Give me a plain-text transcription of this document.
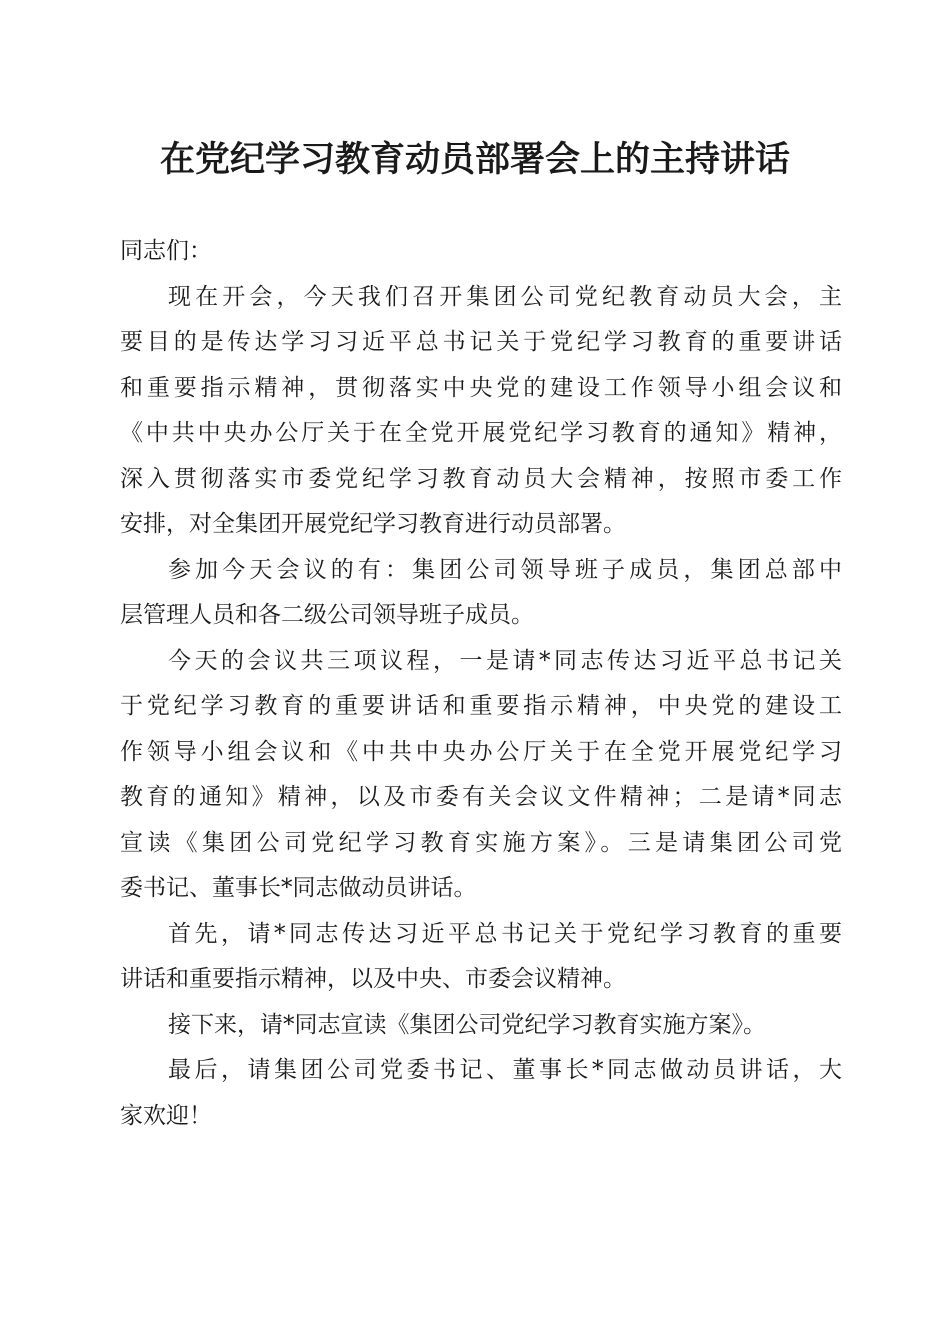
在党纪学习教育动员部署会上的主持讲话
同志们：
现在开会，今天我们召开集团公司党纪教育动员大会，主
要目的是传达学习习近平总书记关于党纪学习教育的重要讲话
和重要指示精神，贯彻落实中央党的建设工作领导小组会议和
《中共中央办公厅关于在全党开展党纪学习教育的通知》精神，
深入贯彻落实市委党纪学习教育动员大会精神，按照市委工作
安排，对全集团开展党纪学习教育进行动员部署。
参加今天会议的有：集团公司领导班子成员，集团总部中
层管理人员和各二级公司领导班子成员。
今天的会议共三项议程，一是请*同志传达习近平总书记关
于党纪学习教育的重要讲话和重要指示精神，中央党的建设工
作领导小组会议和《中共中央办公厅关于在全党开展党纪学习
教育的通知》精神，以及市委有关会议文件精神；二是请*同志
宣读《集团公司党纪学习教育实施方案》。三是请集团公司党
委书记、董事长*同志做动员讲话。
首先，请*同志传达习近平总书记关于党纪学习教育的重要
讲话和重要指示精神，以及中央、市委会议精神。
接下来，请*同志宣读《集团公司党纪学习教育实施方案》。
最后，请集团公司党委书记、董事长*同志做动员讲话，大
家欢迎！
